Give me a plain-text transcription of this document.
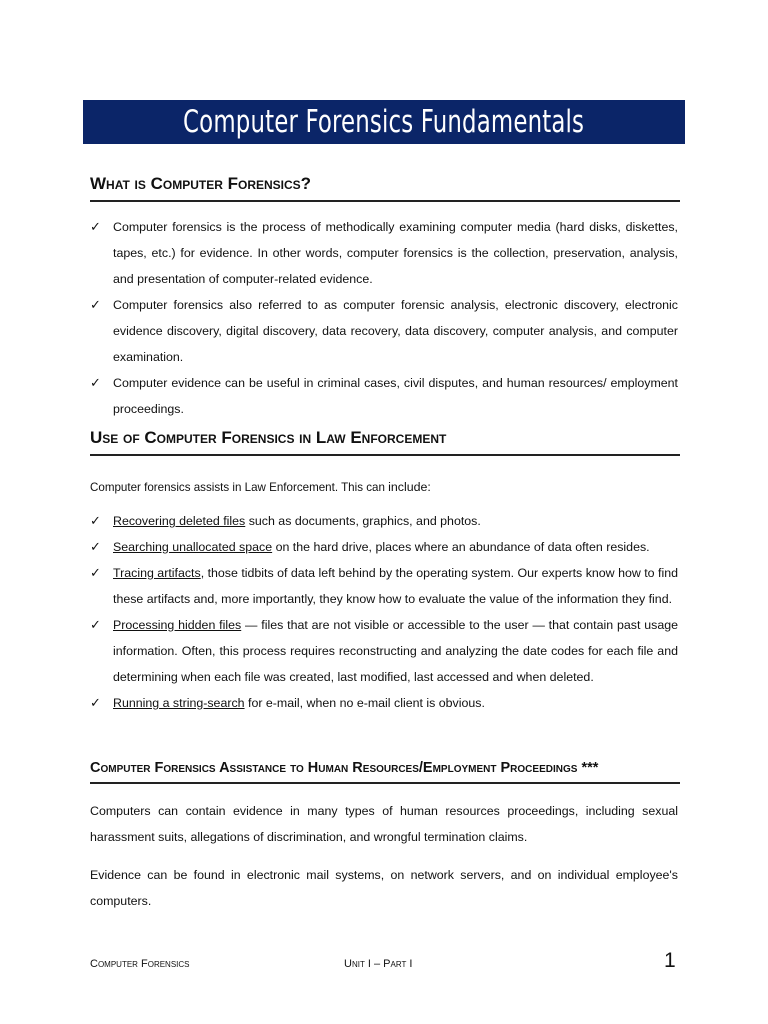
Computer Forensics Fundamentals
What is Computer Forensics?
✓ Computer forensics is the process of methodically examining computer media (hard disks, diskettes, tapes, etc.) for evidence. In other words, computer forensics is the collection, preservation, analysis, and presentation of computer-related evidence.
✓ Computer forensics also referred to as computer forensic analysis, electronic discovery, electronic evidence discovery, digital discovery, data recovery, data discovery, computer analysis, and computer examination.
✓ Computer evidence can be useful in criminal cases, civil disputes, and human resources/ employment proceedings.
Use of Computer Forensics in Law Enforcement

Computer forensics assists in Law Enforcement. This can include:

✓ Recovering deleted files such as documents, graphics, and photos.
✓ Searching unallocated space on the hard drive, places where an abundance of data often resides.
✓ Tracing artifacts, those tidbits of data left behind by the operating system. Our experts know how to find these artifacts and, more importantly, they know how to evaluate the value of the information they find.
✓ Processing hidden files — files that are not visible or accessible to the user — that contain past usage information. Often, this process requires reconstructing and analyzing the date codes for each file and determining when each file was created, last modified, last accessed and when deleted.
✓ Running a string-search for e-mail, when no e-mail client is obvious.
Computer Forensics Assistance to Human Resources/Employment Proceedings ***

Computers can contain evidence in many types of human resources proceedings, including sexual harassment suits, allegations of discrimination, and wrongful termination claims.

Evidence can be found in electronic mail systems, on network servers, and on individual employee's computers.

Computer Forensics	Unit I – Part I	1
